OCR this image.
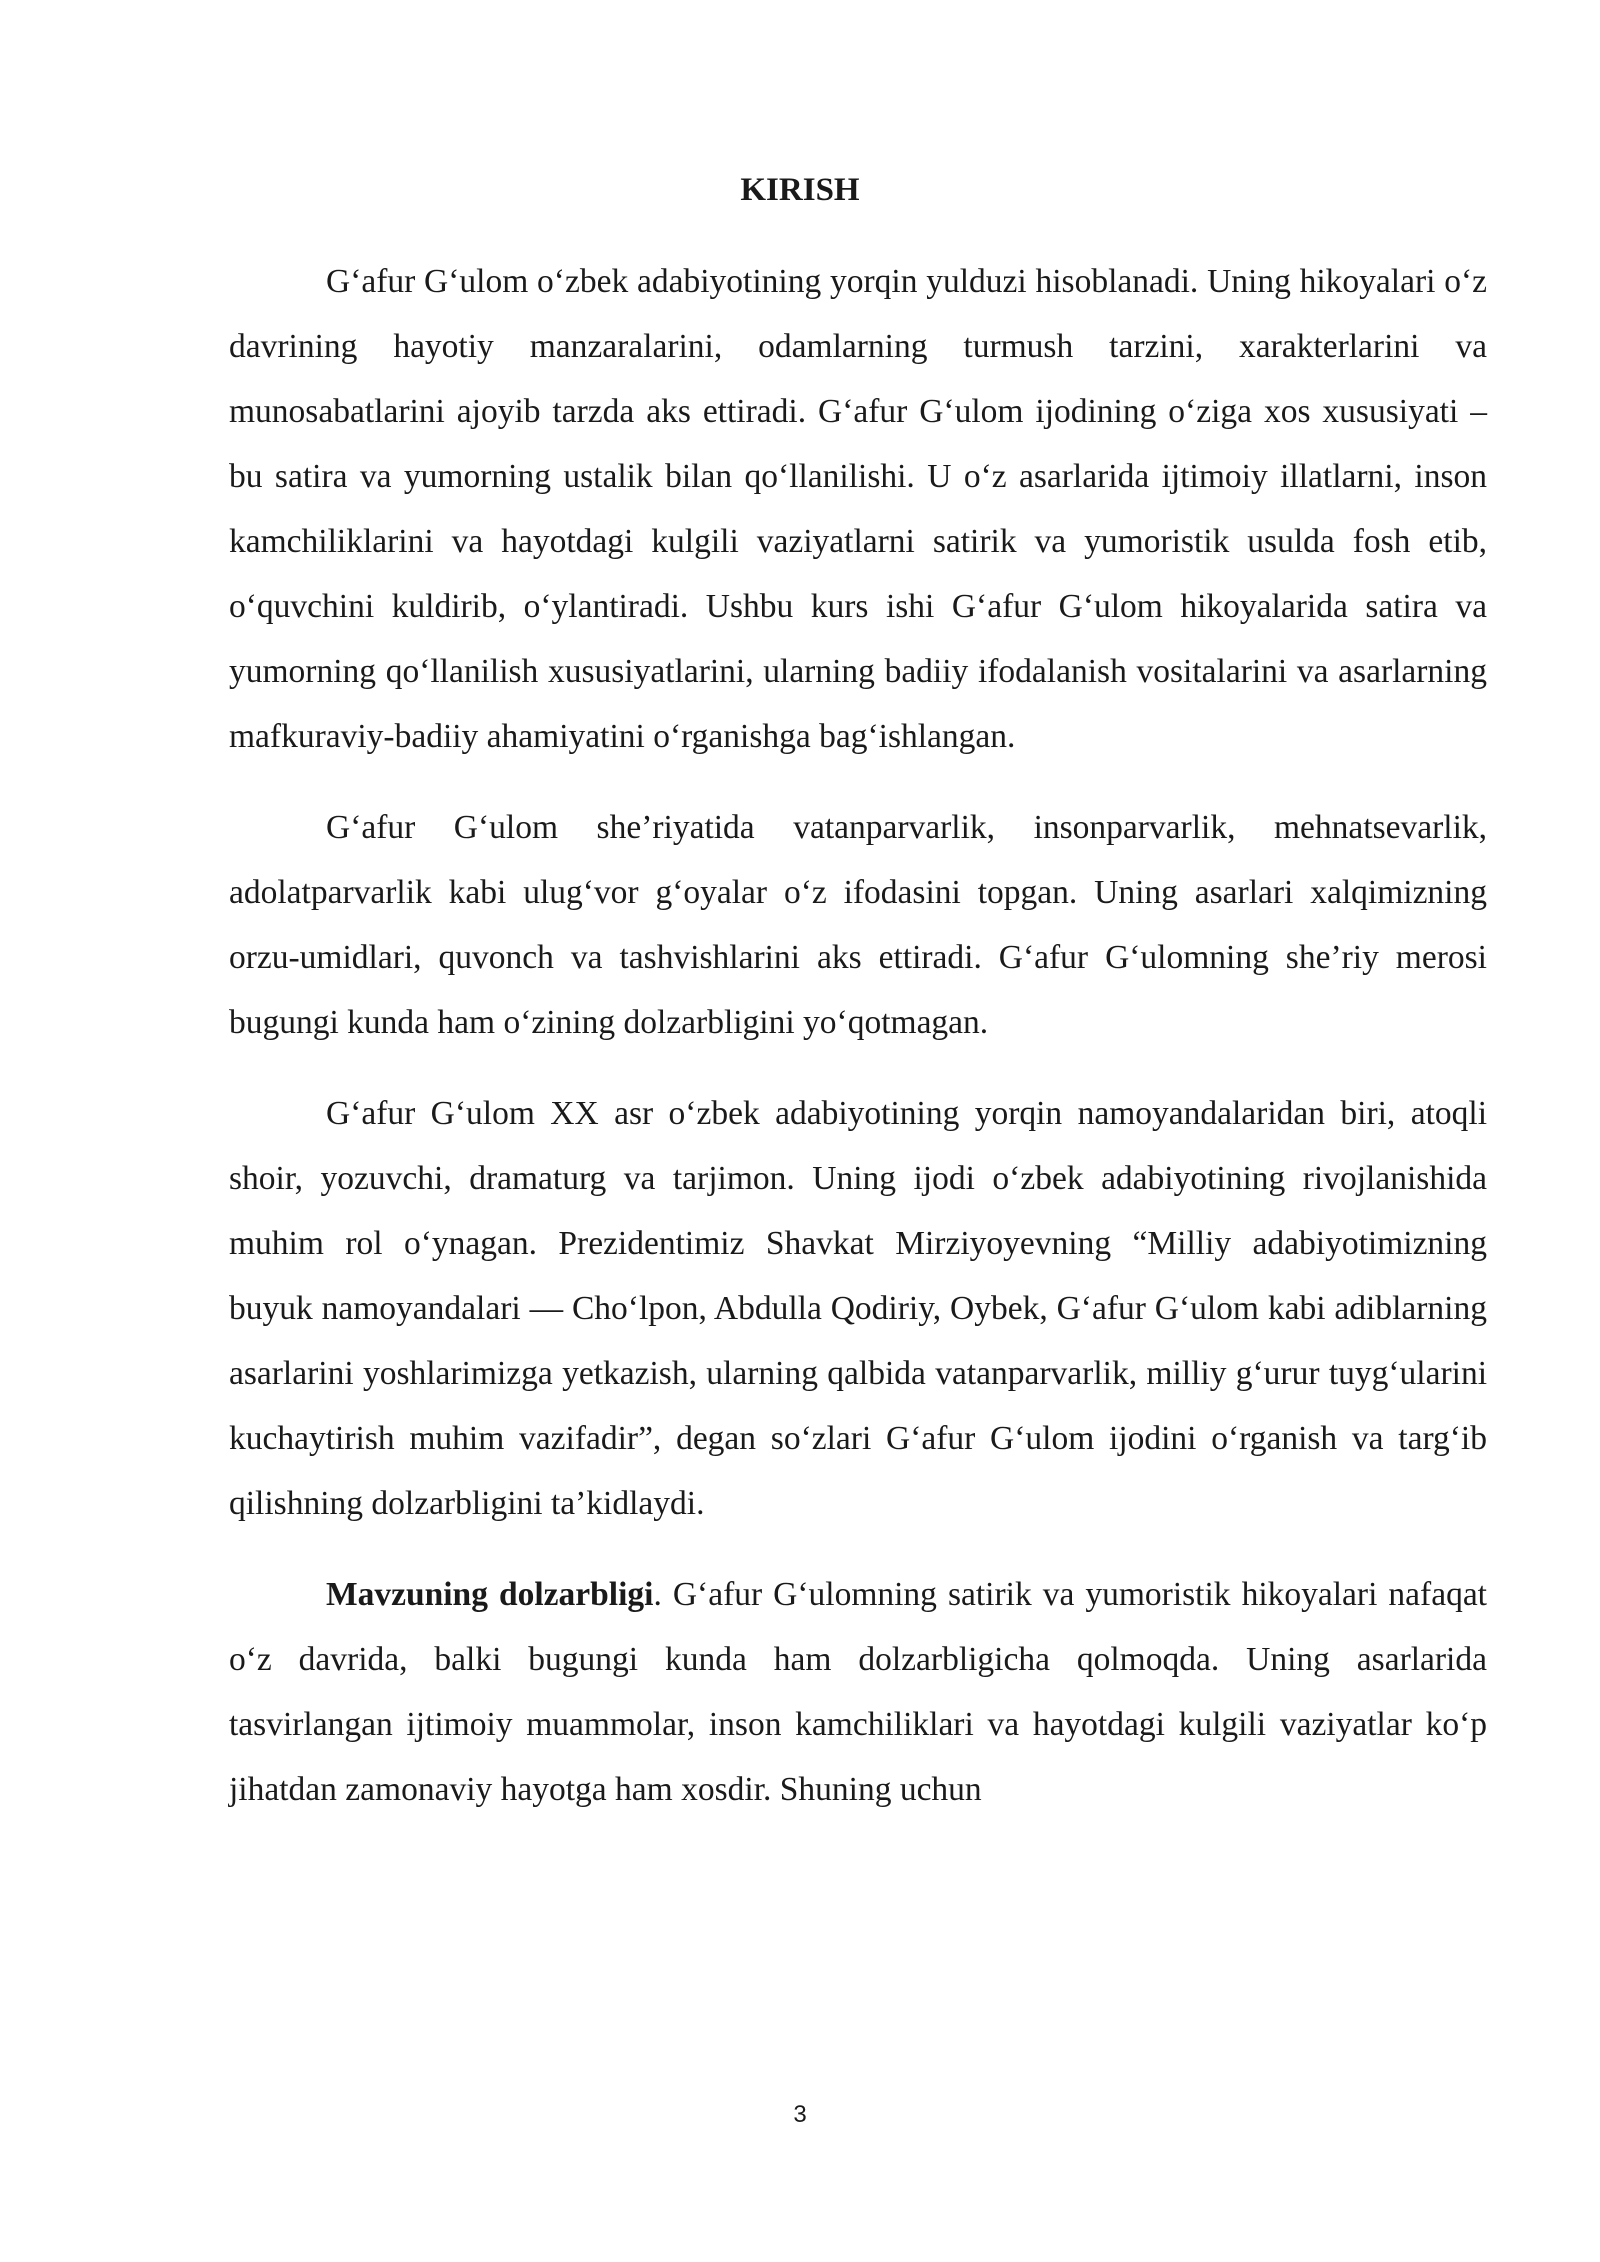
KIRISH

G‘afur G‘ulom o‘zbek adabiyotining yorqin yulduzi hisoblanadi. Uning hikoyalari o‘z davrining hayotiy manzaralarini, odamlarning turmush tarzini, xarakterlarini va munosabatlarini ajoyib tarzda aks ettiradi. G‘afur G‘ulom ijodining o‘ziga xos xususiyati – bu satira va yumorning ustalik bilan qo‘llanilishi. U o‘z asarlarida ijtimoiy illatlarni, inson kamchiliklarini va hayotdagi kulgili vaziyatlarni satirik va yumoristik usulda fosh etib, o‘quvchini kuldirib, o‘ylantiradi. Ushbu kurs ishi G‘afur G‘ulom hikoyalarida satira va yumorning qo‘llanilish xususiyatlarini, ularning badiiy ifodalanish vositalarini va asarlarning mafkuraviy-badiiy ahamiyatini o‘rganishga bag‘ishlangan.

G‘afur G‘ulom she’riyatida vatanparvarlik, insonparvarlik, mehnatsevarlik, adolatparvarlik kabi ulug‘vor g‘oyalar o‘z ifodasini topgan. Uning asarlari xalqimizning orzu-umidlari, quvonch va tashvishlarini aks ettiradi. G‘afur G‘ulomning she’riy merosi bugungi kunda ham o‘zining dolzarbligini yo‘qotmagan.

G‘afur G‘ulom XX asr o‘zbek adabiyotining yorqin namoyandalaridan biri, atoqli shoir, yozuvchi, dramaturg va tarjimon. Uning ijodi o‘zbek adabiyotining rivojlanishida muhim rol o‘ynagan. Prezidentimiz Shavkat Mirziyoyevning “Milliy adabiyotimizning buyuk namoyandalari — Cho‘lpon, Abdulla Qodiriy, Oybek, G‘afur G‘ulom kabi adiblarning asarlarini yoshlarimizga yetkazish, ularning qalbida vatanparvarlik, milliy g‘urur tuyg‘ularini kuchaytirish muhim vazifadir”, degan so‘zlari G‘afur G‘ulom ijodini o‘rganish va targ‘ib qilishning dolzarbligini ta’kidlaydi.

Mavzuning dolzarbligi. G‘afur G‘ulomning satirik va yumoristik hikoyalari nafaqat o‘z davrida, balki bugungi kunda ham dolzarbligicha qolmoqda. Uning asarlarida tasvirlangan ijtimoiy muammolar, inson kamchiliklari va hayotdagi kulgili vaziyatlar ko‘p jihatdan zamonaviy hayotga ham xosdir. Shuning uchun

3
